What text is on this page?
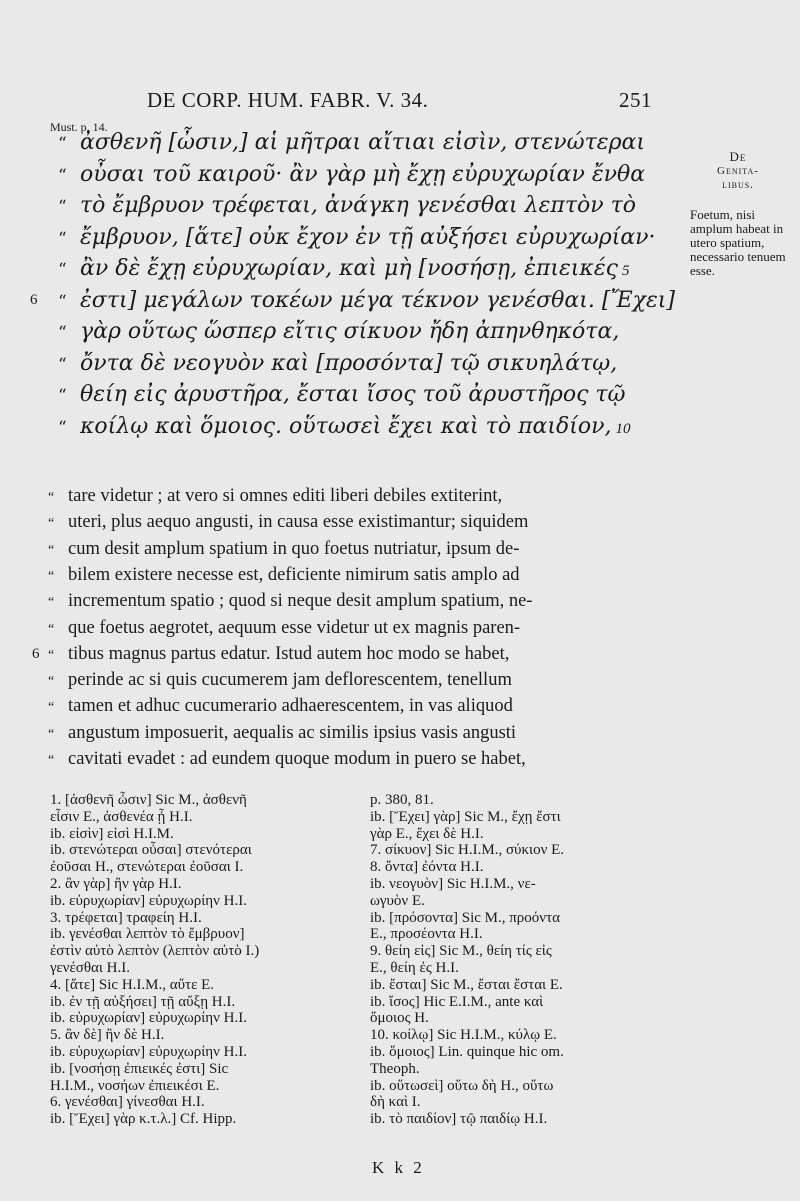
DE CORP. HUM. FABR. V. 34.	251
Must. p. 14.
“ ἀσθενῆ [ὦσιν,] αἱ μῆτραι αἴτιαι εἰσὶν, στενώτεραι
“ οὖσαι τοῦ καιροῦ· ἂν γὰρ μὴ ἔχῃ εὐρυχωρίαν ἔνθα
“ τὸ ἔμβρυον τρέφεται, ἀνάγκη γενέσθαι λεπτὸν τὸ
“ ἔμβρυον, [ἅτε] οὐκ ἔχον ἐν τῇ αὐξήσει εὐρυχωρίαν·
“ ἂν δὲ ἔχῃ εὐρυχωρίαν, καὶ μὴ [νοσήσῃ, ἐπιεικές 5
“ ἐστι] μεγάλων τοκέων μέγα τέκνον γενέσθαι. [Ἔχει]
6
“ γὰρ οὕτως ὥσπερ εἴτις σίκυον ἤδη ἀπηνθηκότα,
“ ὄντα δὲ νεογυὸν καὶ [προσόντα] τῷ σικυηλάτῳ,
“ θείη εἰς ἀρυστῆρα, ἔσται ἴσος τοῦ ἀρυστῆρος τῷ
“ κοίλῳ καὶ ὅμοιος. οὕτωσεὶ ἔχει καὶ τὸ παιδίον, 10
“ tare videtur ; at vero si omnes editi liberi debiles extiterint,
“ uteri, plus aequo angusti, in causa esse existimantur; siquidem
“ cum desit amplum spatium in quo foetus nutriatur, ipsum de-
“ bilem existere necesse est, deficiente nimirum satis amplo ad
“ incrementum spatio ; quod si neque desit amplum spatium, ne-
“ que foetus aegrotet, aequum esse videtur ut ex magnis paren-
“ tibus magnus partus edatur. Istud autem hoc modo se habet,
6
“ perinde ac si quis cucumerem jam deflorescentem, tenellum
“ tamen et adhuc cucumerario adhaerescentem, in vas aliquod
“ angustum imposuerit, aequalis ac similis ipsius vasis angusti
“ cavitati evadet : ad eundem quoque modum in puero se habet,
De
Genita-
libus.
Foetum, nisi amplum habeat in utero spatium, necessario tenuem esse.
1. [ἀσθενῆ ὦσιν] Sic M., ἀσθενῆ
εἶσιν E., ἀσθενέα ᾖ H.I.
ib. εἰσὶν] εἰσὶ H.I.M.
ib. στενώτεραι οὖσαι] στενότεραι
ἐοῦσαι H., στενώτεραι ἐοῦσαι I.
2. ἂν γὰρ] ἢν γὰρ H.I.
ib. εὐρυχωρίαν] εὐρυχωρίην H.I.
3. τρέφεται] τραφείη H.I.
ib. γενέσθαι λεπτὸν τὸ ἔμβρυον]
ἐστὶν αὐτὸ λεπτὸν (λεπτὸν αὐτὸ I.)
γενέσθαι H.I.
4. [ἅτε] Sic H.I.M., αὔτε E.
ib. ἐν τῇ αὐξήσει] τῇ αὔξῃ H.I.
ib. εὐρυχωρίαν] εὐρυχωρίην H.I.
5. ἂν δὲ] ἢν δὲ H.I.
ib. εὐρυχωρίαν] εὐρυχωρίην H.I.
ib. [νοσήσῃ ἐπιεικές ἐστι] Sic
H.I.M., νοσήων ἐπιεικέσι E.
6. γενέσθαι] γίνεσθαι H.I.
ib. [Ἔχει] γὰρ κ.τ.λ.] Cf. Hipp.
p. 380, 81.
ib. [Ἔχει] γὰρ] Sic M., ἔχῃ ἔστι
γὰρ E., ἔχει δὲ H.I.
7. σίκυον] Sic H.I.M., σύκιον E.
8. ὄντα] ἐόντα H.I.
ib. νεογυὸν] Sic H.I.M., νε-
ωγυὸν E.
ib. [πρόσοντα] Sic M., προόντα
E., προσέοντα H.I.
9. θείη εἰς] Sic M., θείη τίς εἰς
E., θείη ἐς H.I.
ib. ἔσται] Sic M., ἔσται ἔσται E.
ib. ἴσος] Hic E.I.M., ante καὶ
ὅμοιος H.
10. κοίλῳ] Sic H.I.M., κύλῳ E.
ib. ὅμοιος] Lin. quinque hic om.
Theoph.
ib. οὕτωσεὶ] οὕτω δὴ H., οὕτω
δὴ καὶ I.
ib. τὸ παιδίον] τῷ παιδίῳ H.I.
K k 2
